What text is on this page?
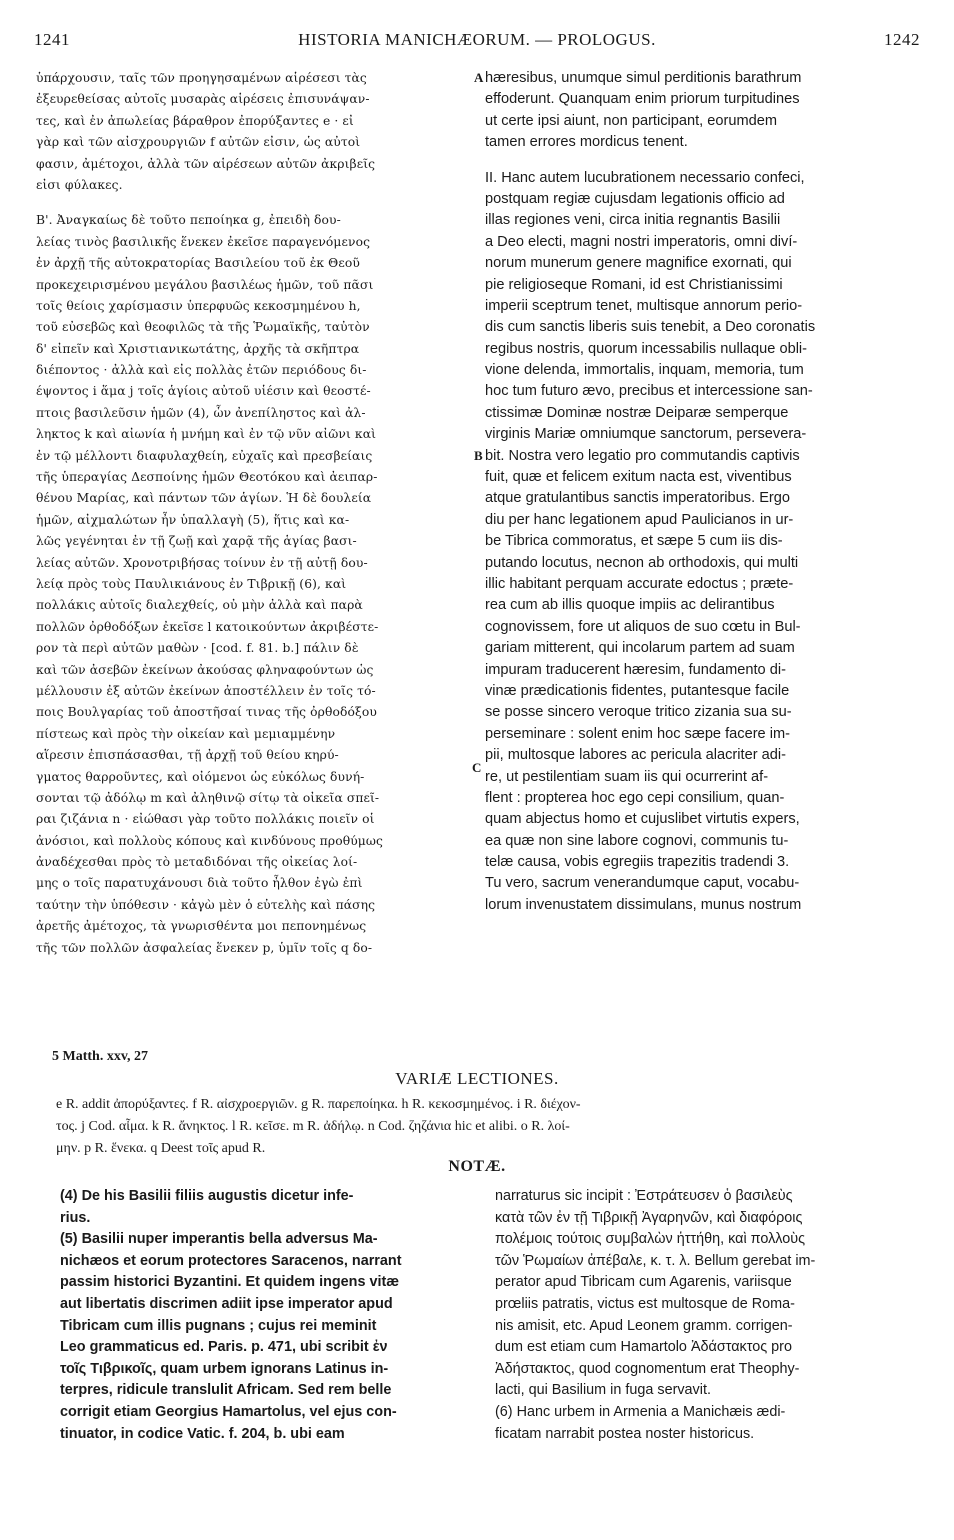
1241	HISTORIA MANICHÆORUM. — PROLOGUS.	1242
ὑπάρχουσιν, ταῖς τῶν προηγησαμένων αἱρέσεσι τὰς
ἐξευρεθείσας αὐτοῖς μυσαρὰς αἱρέσεις ἐπισυνάψαν-
τες, καὶ ἐν ἀπωλείας βάραθρον ἐπορύξαντες e · εἰ
γὰρ καὶ τῶν αἰσχρουργιῶν f αὐτῶν εἰσιν, ὡς αὐτοὶ
φασιν, ἀμέτοχοι, ἀλλὰ τῶν αἱρέσεων αὐτῶν ἀκριβεῖς
εἰσι φύλακες.
Β'. Ἀναγκαίως δὲ τοῦτο πεποίηκα g, ἐπειδὴ δου-
λείας τινὸς βασιλικῆς ἕνεκεν ἐκεῖσε παραγενόμενος
ἐν ἀρχῇ τῆς αὐτοκρατορίας Βασιλείου τοῦ ἐκ Θεοῦ
προκεχειρισμένου μεγάλου βασιλέως ἡμῶν, τοῦ πᾶσι
τοῖς θείοις χαρίσμασιν ὑπερφυῶς κεκοσμημένου h,
τοῦ εὐσεβῶς καὶ θεοφιλῶς τὰ τῆς Ῥωμαϊκῆς, ταὐτὸν
δ' εἰπεῖν καὶ Χριστιανικωτάτης, ἀρχῆς τὰ σκῆπτρα
διέποντος · ἀλλὰ καὶ εἰς πολλὰς ἐτῶν περιόδους δι-
έψοντος i ἅμα j τοῖς ἁγίοις αὐτοῦ υἱέσιν καὶ θεοστέ-
πτοις βασιλεῦσιν ἡμῶν (4), ὧν ἀνεπίληστος καὶ ἀλ-
ληκτος k καὶ αἰωνία ἡ μνήμη καὶ ἐν τῷ νῦν αἰῶνι καὶ
ἐν τῷ μέλλοντι διαφυλαχθείη, εὐχαῖς καὶ πρεσβείαις
τῆς ὑπεραγίας Δεσποίνης ἡμῶν Θεοτόκου καὶ ἀειπαρ-
θένου Μαρίας, καὶ πάντων τῶν ἁγίων. Ἡ δὲ δουλεία
ἡμῶν, αἰχμαλώτων ἦν ὑπαλλαγὴ (5), ἥτις καὶ κα-
λῶς γεγένηται ἐν τῇ ζωῇ καὶ χαρᾷ τῆς ἁγίας βασι-
λείας αὐτῶν. Χρονοτριβήσας τοίνυν ἐν τῇ αὐτῇ δου-
λείᾳ πρὸς τοὺς Παυλικιάνους ἐν Τιβρικῇ (6), καὶ
πολλάκις αὐτοῖς διαλεχθείς, οὐ μὴν ἀλλὰ καὶ παρὰ
πολλῶν ὀρθοδόξων ἐκεῖσε l κατοικούντων ἀκριβέστε-
ρον τὰ περὶ αὐτῶν μαθὼν · [cod. f. 81. b.] πάλιν δὲ
καὶ τῶν ἀσεβῶν ἐκείνων ἀκούσας φληναφούντων ὡς
μέλλουσιν ἐξ αὐτῶν ἐκείνων ἀποστέλλειν ἐν τοῖς τό-
ποις Βουλγαρίας τοῦ ἀποστῆσαί τινας τῆς ὀρθοδόξου
πίστεως καὶ πρὸς τὴν οἰκείαν καὶ μεμιαμμένην
αἵρεσιν ἐπισπάσασθαι, τῇ ἀρχῇ τοῦ θείου κηρύ-
γματος θαρροῦντες, καὶ οἰόμενοι ὡς εὐκόλως δυνή-
σονται τῷ ἀδόλῳ m καὶ ἀληθινῷ σίτῳ τὰ οἰκεῖα σπεῖ-
ραι ζιζάνια n · εἰώθασι γὰρ τοῦτο πολλάκις ποιεῖν οἱ
ἀνόσιοι, καὶ πολλοὺς κόπους καὶ κινδύνους προθύμως
ἀναδέχεσθαι πρὸς τὸ μεταδιδόναι τῆς οἰκείας λοί-
μης o τοῖς παρατυχάνουσι διὰ τοῦτο ἦλθον ἐγὼ ἐπὶ
ταύτην τὴν ὑπόθεσιν · κἀγὼ μὲν ὁ εὐτελὴς καὶ πάσης
ἀρετῆς ἀμέτοχος, τὰ γνωρισθέντα μοι πεπονημένως
τῆς τῶν πολλῶν ἀσφαλείας ἕνεκεν p, ὑμῖν τοῖς q δο-
A
B
C
hæresibus, unumque simul perditionis barathrum
effoderunt. Quanquam enim priorum turpitudines
ut certe ipsi aiunt, non participant, eorumdem
tamen errores mordicus tenent.
II. Hanc autem lucubrationem necessario confeci,
postquam regiæ cujusdam legationis officio ad
illas regiones veni, circa initia regnantis Basilii
a Deo electi, magni nostri imperatoris, omni diví-
norum munerum genere magnifice exornati, qui
pie religioseque Romani, id est Christianissimi
imperii sceptrum tenet, multisque annorum perio-
dis cum sanctis liberis suis tenebit, a Deo coronatis
regibus nostris, quorum incessabilis nullaque obli-
vione delenda, immortalis, inquam, memoria, tum
hoc tum futuro ævo, precibus et intercessione san-
ctissimæ Dominæ nostræ Deiparæ semperque
virginis Mariæ omniumque sanctorum, persevera-
bit. Nostra vero legatio pro commutandis captivis
fuit, quæ et felicem exitum nacta est, viventibus
atque gratulantibus sanctis imperatoribus. Ergo
diu per hanc legationem apud Paulicianos in ur-
be Tibrica commoratus, et sæpe 5 cum iis dis-
putando locutus, necnon ab orthodoxis, qui multi
illic habitant perquam accurate edoctus ; præte-
rea cum ab illis quoque impiis ac delirantibus
cognovissem, fore ut aliquos de suo cœtu in Bul-
gariam mitterent, qui incolarum partem ad suam
impuram traducerent hæresim, fundamento di-
vinæ prædicationis fidentes, putantesque facile
se posse sincero veroque tritico zizania sua su-
perseminare : solent enim hoc sæpe facere im-
pii, multosque labores ac pericula alacriter adi-
re, ut pestilentiam suam iis qui ocurrerint af-
flent : propterea hoc ego cepi consilium, quan-
quam abjectus homo et cujuslibet virtutis expers,
ea quæ non sine labore cognovi, communis tu-
telæ causa, vobis egregiis trapezitis tradendi 3.
Tu vero, sacrum venerandumque caput, vocabu-
lorum invenustatem dissimulans, munus nostrum
5 Matth. xxv, 27
VARIÆ LECTIONES.
e R. addit ἀπορύξαντες. f R. αἰσχροεργιῶν. g R. παρεποίηκα. h R. κεκοσμημένος. i R. διέχον-
τος. j Cod. αἷμα. k R. ἄνηκτος. l R. κεῖσε. m R. ἀδήλῳ. n Cod. ζηζάνια hic et alibi. o R. λοί-
μην. p R. ἕνεκα. q Deest τοῖς apud R.
NOTÆ.
(4) De his Basilii filiis augustis dicetur infe-
rius.
(5) Basilii nuper imperantis bella adversus Ma-
nichæos et eorum protectores Saracenos, narrant
passim historici Byzantini. Et quidem ingens vitæ
aut libertatis discrimen adiit ipse imperator apud
Tibricam cum illis pugnans ; cujus rei meminit
Leo grammaticus ed. Paris. p. 471, ubi scribit ἐν
τοῖς Τιβρικοῖς, quam urbem ignorans Latinus in-
terpres, ridicule translulit Africam. Sed rem belle
corrigit etiam Georgius Hamartolus, vel ejus con-
tinuator, in codice Vatic. f. 204, b. ubi eam
narraturus sic incipit : Ἐστράτευσεν ὁ βασιλεὺς
κατὰ τῶν ἐν τῇ Τιβρικῇ Ἀγαρηνῶν, καὶ διαφόροις
πολέμοις τούτοις συμβαλὼν ἡττήθη, καὶ πολλοὺς
τῶν Ῥωμαίων ἀπέβαλε, κ. τ. λ. Bellum gerebat im-
perator apud Tibricam cum Agarenis, variisque
prœliis patratis, victus est multosque de Roma-
nis amisit, etc. Apud Leonem gramm. corrigen-
dum est etiam cum Hamartolo Ἀδάστακτος pro
Ἀδήστακτος, quod cognomentum erat Theophy-
lacti, qui Basilium in fuga servavit.
(6) Hanc urbem in Armenia a Manichæis ædi-
ficatam narrabit postea noster historicus.
